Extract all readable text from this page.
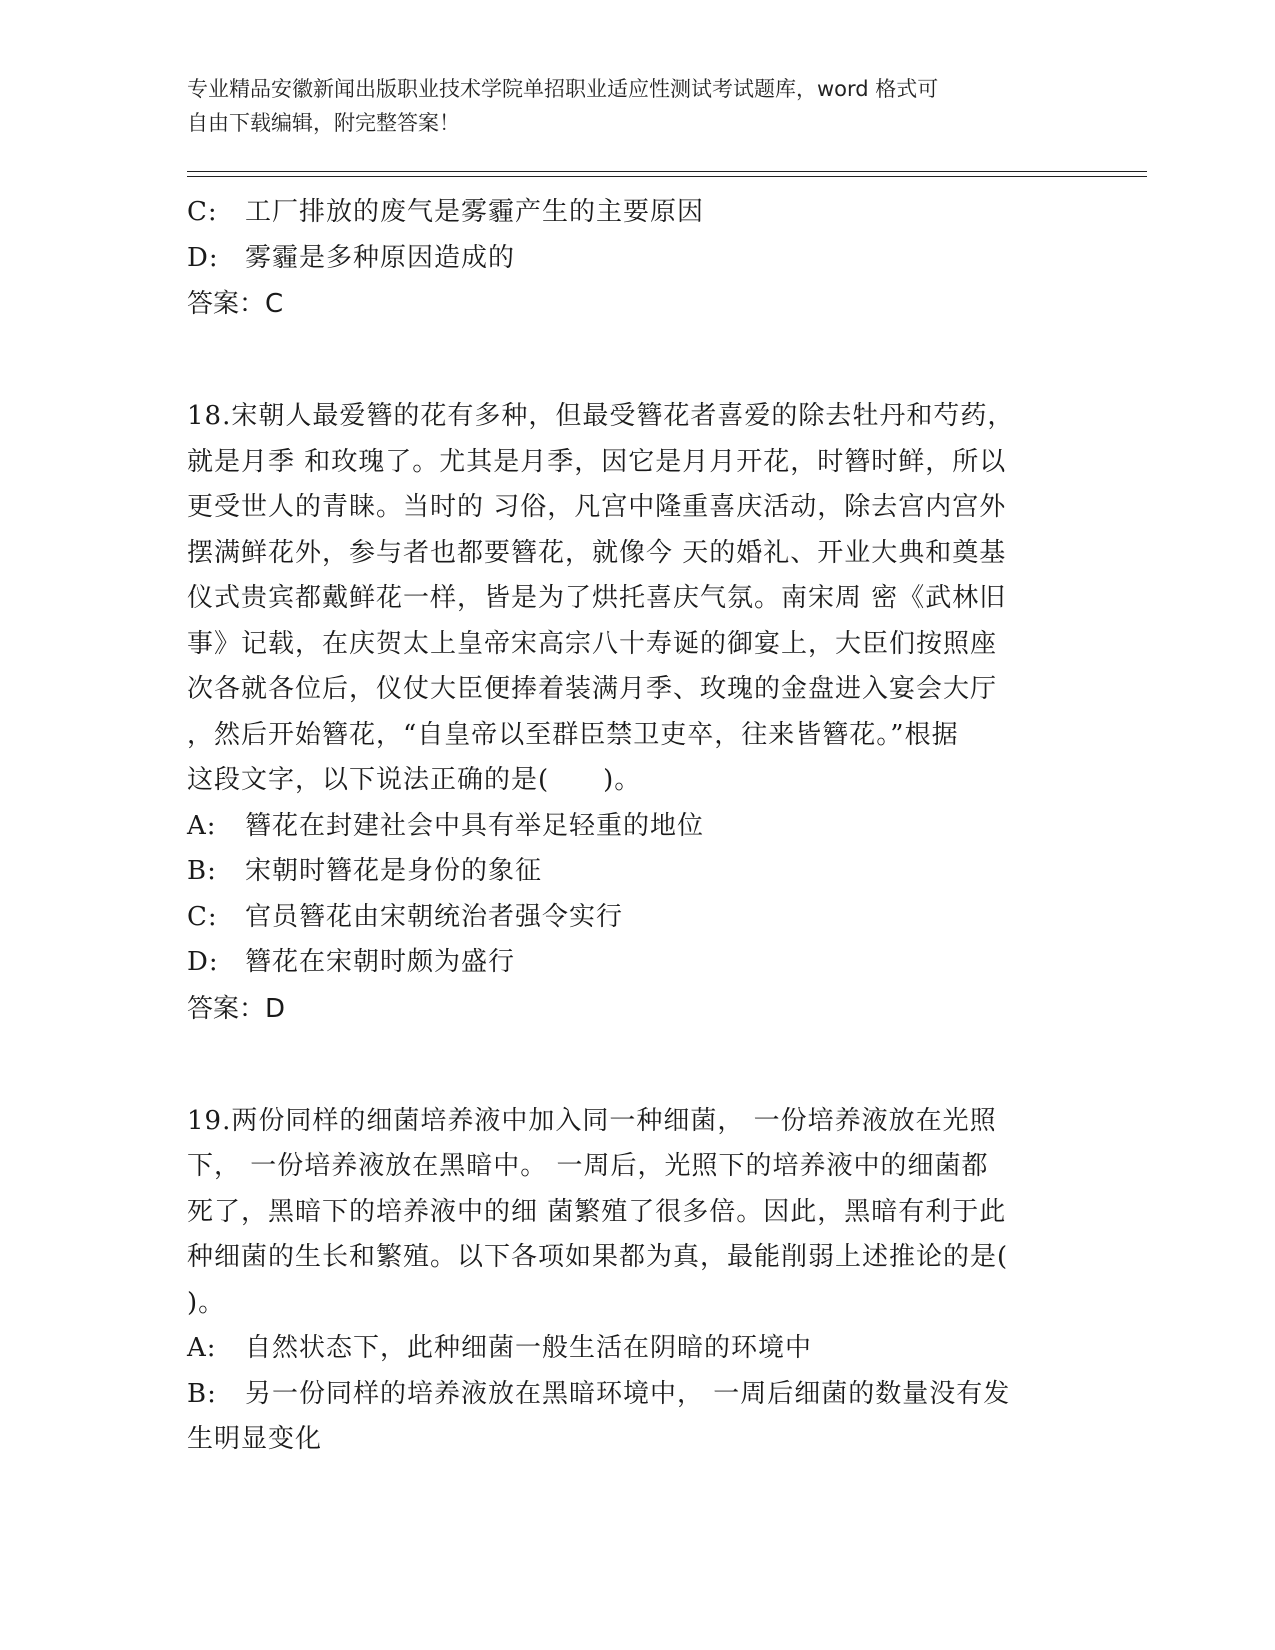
专业精品安徽新闻出版职业技术学院单招职业适应性测试考试题库，word 格式可
自由下载编辑，附完整答案！
C: 工厂排放的废气是雾霾产生的主要原因
D: 雾霾是多种原因造成的
答案：C
18.宋朝人最爱簪的花有多种，但最受簪花者喜爱的除去牡丹和芍药，
就是月季 和玫瑰了。尤其是月季，因它是月月开花，时簪时鲜，所以
更受世人的青睐。当时的 习俗，凡宫中隆重喜庆活动，除去宫内宫外
摆满鲜花外，参与者也都要簪花，就像今 天的婚礼、开业大典和奠基
仪式贵宾都戴鲜花一样，皆是为了烘托喜庆气氛。南宋周 密《武林旧
事》记载，在庆贺太上皇帝宋高宗八十寿诞的御宴上，大臣们按照座
次各就各位后，仪仗大臣便捧着装满月季、玫瑰的金盘进入宴会大厅
，然后开始簪花，“自皇帝以至群臣禁卫吏卒，往来皆簪花。”根据
这段文字，以下说法正确的是(　　)。
A: 簪花在封建社会中具有举足轻重的地位
B: 宋朝时簪花是身份的象征
C: 官员簪花由宋朝统治者强令实行
D: 簪花在宋朝时颇为盛行
答案：D
19.两份同样的细菌培养液中加入同一种细菌， 一份培养液放在光照
下， 一份培养液放在黑暗中。 一周后，光照下的培养液中的细菌都
死了，黑暗下的培养液中的细 菌繁殖了很多倍。因此，黑暗有利于此
种细菌的生长和繁殖。以下各项如果都为真，最能削弱上述推论的是(
)。
A: 自然状态下，此种细菌一般生活在阴暗的环境中
B: 另一份同样的培养液放在黑暗环境中， 一周后细菌的数量没有发
生明显变化
